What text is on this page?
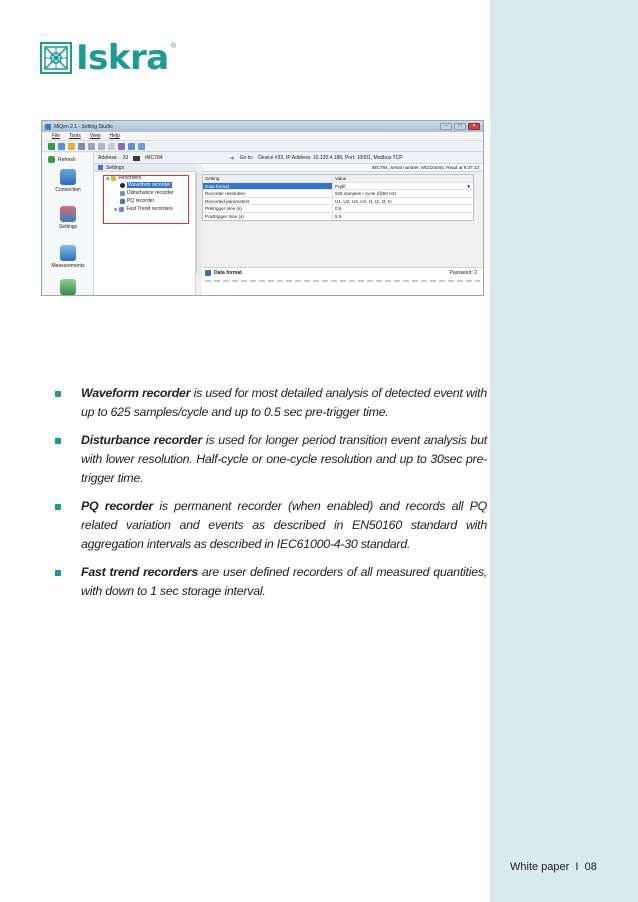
Iskra ®
MiQen 2.1 - Setting Studio	–	□	×
File Tools View Help
Refresh
Connection
Settings
Measurements
Address: 33	iMC784	➜ Go to: Device #33, IP Address: 10.120.4.188, Port: 10001, Modbus TCP
Settings
⊟ Recorders
Waveform recorder
Disturbance recorder
PQ recorder
⊞ Fast Trend recorders
iMC784, Serial number: MC024044, Read at 9:37:13
Setting	Value
Data format	Pqdif	▼
Recorder resolution	625 samples / cycle (@50 Hz)
Recorded parameters	U1, U2, U3, Un, I1, I2, I3, In
Pretrigger time (s)	0.5
Posttrigger time (s)	5.5
Data format	Password: 2
Waveform recorder is used for most detailed analysis of detected event with up to 625 samples/cycle and up to 0.5 sec pre-trigger time.
Disturbance recorder is used for longer period transition event analysis but with lower resolution. Half-cycle or one-cycle resolution and up to 30sec pre-trigger time.
PQ recorder is permanent recorder (when enabled) and records all PQ related variation and events as described in EN50160 standard with aggregation intervals as described in IEC61000-4-30 standard.
Fast trend recorders are user defined recorders of all measured quantities, with down to 1 sec storage interval.
White paper  I  08
